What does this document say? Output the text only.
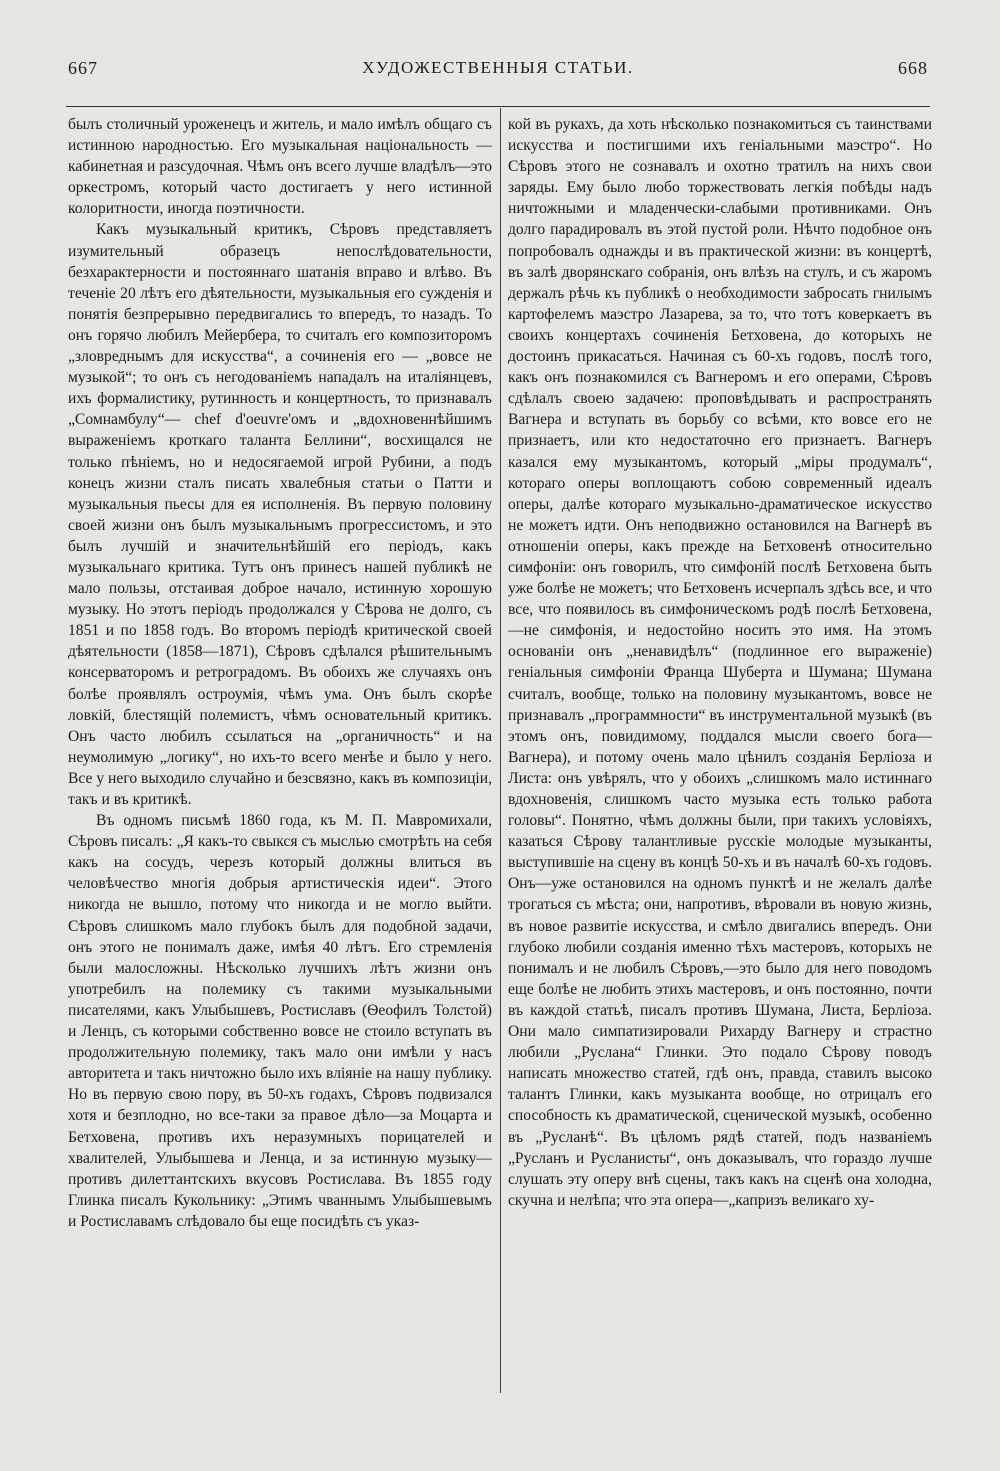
667	ХУДОЖЕСТВЕННЫЯ СТАТЬИ.	668

былъ столичный уроженецъ и житель, и мало имѣлъ общаго съ истинною народностью. Его музыкальная національность — кабинетная и разсудочная. Чѣмъ онъ всего лучше владѣлъ—это оркестромъ, который часто достигаетъ у него истинной колоритности, иногда поэтичности.

Какъ музыкальный критикъ, Сѣровъ представляетъ изумительный образецъ непослѣдовательности, безхарактерности и постояннаго шатанія вправо и влѣво. Въ теченіе 20 лѣтъ его дѣятельности, музыкальныя его сужденія и понятія безпрерывно передвигались то впередъ, то назадъ. То онъ горячо любилъ Мейербера, то считалъ его композиторомъ „зловреднымъ для искусства“, а сочиненія его — „вовсе не музыкой“; то онъ съ негодованіемъ нападалъ на италіянцевъ, ихъ формалистику, рутинность и концертность, то признавалъ „Сомнамбулу“— chef d'oeuvre'омъ и „вдохновеннѣйшимъ выраженіемъ кроткаго таланта Беллини“, восхищался не только пѣніемъ, но и недосягаемой игрой Рубини, а подъ конецъ жизни сталъ писать хвалебныя статьи о Патти и музыкальныя пьесы для ея исполненія. Въ первую половину своей жизни онъ былъ музыкальнымъ прогрессистомъ, и это былъ лучшій и значительнѣйшій его періодъ, какъ музыкальнаго критика. Тутъ онъ принесъ нашей публикѣ не мало пользы, отстаивая доброе начало, истинную хорошую музыку. Но этотъ періодъ продолжался у Сѣрова не долго, съ 1851 и по 1858 годъ. Во второмъ періодѣ критической своей дѣятельности (1858—1871), Сѣровъ сдѣлался рѣшительнымъ консерваторомъ и ретроградомъ. Въ обоихъ же случаяхъ онъ болѣе проявлялъ остроумія, чѣмъ ума. Онъ былъ скорѣе ловкій, блестящій полемистъ, чѣмъ основательный критикъ. Онъ часто любилъ ссылаться на „органичность“ и на неумолимую „логику“, но ихъ-то всего менѣе и было у него. Все у него выходило случайно и безсвязно, какъ въ композиціи, такъ и въ критикѣ.

Въ одномъ письмѣ 1860 года, къ М. П. Мавромихали, Сѣровъ писалъ: „Я какъ-то свыкся съ мыслью смотрѣть на себя какъ на сосудъ, черезъ который должны влиться въ человѣчество многія добрыя артистическія идеи“. Этого никогда не вышло, потому что никогда и не могло выйти. Сѣровъ слишкомъ мало глубокъ былъ для подобной задачи, онъ этого не понималъ даже, имѣя 40 лѣтъ. Его стремленія были малосложны. Нѣсколько лучшихъ лѣтъ жизни онъ употребилъ на полемику съ такими музыкальными писателями, какъ Улыбышевъ, Ростиславъ (Ѳеофилъ Толстой) и Ленцъ, съ которыми собственно вовсе не стоило вступать въ продолжительную полемику, такъ мало они имѣли у насъ авторитета и такъ ничтожно было ихъ вліяніе на нашу публику. Но въ первую свою пору, въ 50-хъ годахъ, Сѣровъ подвизался хотя и безплодно, но все-таки за правое дѣло—за Моцарта и Бетховена, противъ ихъ неразумныхъ порицателей и хвалителей, Улыбышева и Ленца, и за истинную музыку—противъ дилеттантскихъ вкусовъ Ростислава. Въ 1855 году Глинка писалъ Кукольнику: „Этимъ чваннымъ Улыбышевымъ и Ростиславамъ слѣдовало бы еще посидѣть съ указ-

кой въ рукахъ, да хоть нѣсколько познакомиться съ таинствами искусства и постигшими ихъ геніальными маэстро“. Но Сѣровъ этого не сознавалъ и охотно тратилъ на нихъ свои заряды. Ему было любо торжествовать легкія побѣды надъ ничтожными и младенчески-слабыми противниками. Онъ долго парадировалъ въ этой пустой роли. Нѣчто подобное онъ попробовалъ однажды и въ практической жизни: въ концертѣ, въ залѣ дворянскаго собранія, онъ влѣзъ на стулъ, и съ жаромъ держалъ рѣчь къ публикѣ о необходимости забросать гнилымъ картофелемъ маэстро Лазарева, за то, что тотъ коверкаетъ въ своихъ концертахъ сочиненія Бетховена, до которыхъ не достоинъ прикасаться. Начиная съ 60-хъ годовъ, послѣ того, какъ онъ познакомился съ Вагнеромъ и его операми, Сѣровъ сдѣлалъ своею задачею: проповѣдывать и распространять Вагнера и вступать въ борьбу со всѣми, кто вовсе его не признаетъ, или кто недостаточно его признаетъ. Вагнеръ казался ему музыкантомъ, который „міры продумалъ“, котораго оперы воплощаютъ собою современный идеалъ оперы, далѣе котораго музыкально-драматическое искусство не можетъ идти. Онъ неподвижно остановился на Вагнерѣ въ отношеніи оперы, какъ прежде на Бетховенѣ относительно симфоніи: онъ говорилъ, что симфоній послѣ Бетховена быть уже болѣе не можетъ; что Бетховенъ исчерпалъ здѣсь все, и что все, что появилось въ симфоническомъ родѣ послѣ Бетховена,—не симфонія, и недостойно носить это имя. На этомъ основаніи онъ „ненавидѣлъ“ (подлинное его выраженіе) геніальныя симфоніи Франца Шуберта и Шумана; Шумана считалъ, вообще, только на половину музыкантомъ, вовсе не признавалъ „программности“ въ инструментальной музыкѣ (въ этомъ онъ, повидимому, поддался мысли своего бога—Вагнера), и потому очень мало цѣнилъ созданія Берліоза и Листа: онъ увѣрялъ, что у обоихъ „слишкомъ мало истиннаго вдохновенія, слишкомъ часто музыка есть только работа головы“. Понятно, чѣмъ должны были, при такихъ условіяхъ, казаться Сѣрову талантливые русскіе молодые музыканты, выступившіе на сцену въ концѣ 50-хъ и въ началѣ 60-хъ годовъ. Онъ—уже остановился на одномъ пунктѣ и не желалъ далѣе трогаться съ мѣста; они, напротивъ, вѣровали въ новую жизнь, въ новое развитіе искусства, и смѣло двигались впередъ. Они глубоко любили созданія именно тѣхъ мастеровъ, которыхъ не понималъ и не любилъ Сѣровъ,—это было для него поводомъ еще болѣе не любить этихъ мастеровъ, и онъ постоянно, почти въ каждой статьѣ, писалъ противъ Шумана, Листа, Берліоза. Они мало симпатизировали Рихарду Вагнеру и страстно любили „Руслана“ Глинки. Это подало Сѣрову поводъ написать множество статей, гдѣ онъ, правда, ставилъ высоко талантъ Глинки, какъ музыканта вообще, но отрицалъ его способность къ драматической, сценической музыкѣ, особенно въ „Русланѣ“. Въ цѣломъ рядѣ статей, подъ названіемъ „Русланъ и Русланисты“, онъ доказывалъ, что гораздо лучше слушать эту оперу внѣ сцены, такъ какъ на сценѣ она холодна, скучна и нелѣпа; что эта опера—„капризъ великаго ху-
